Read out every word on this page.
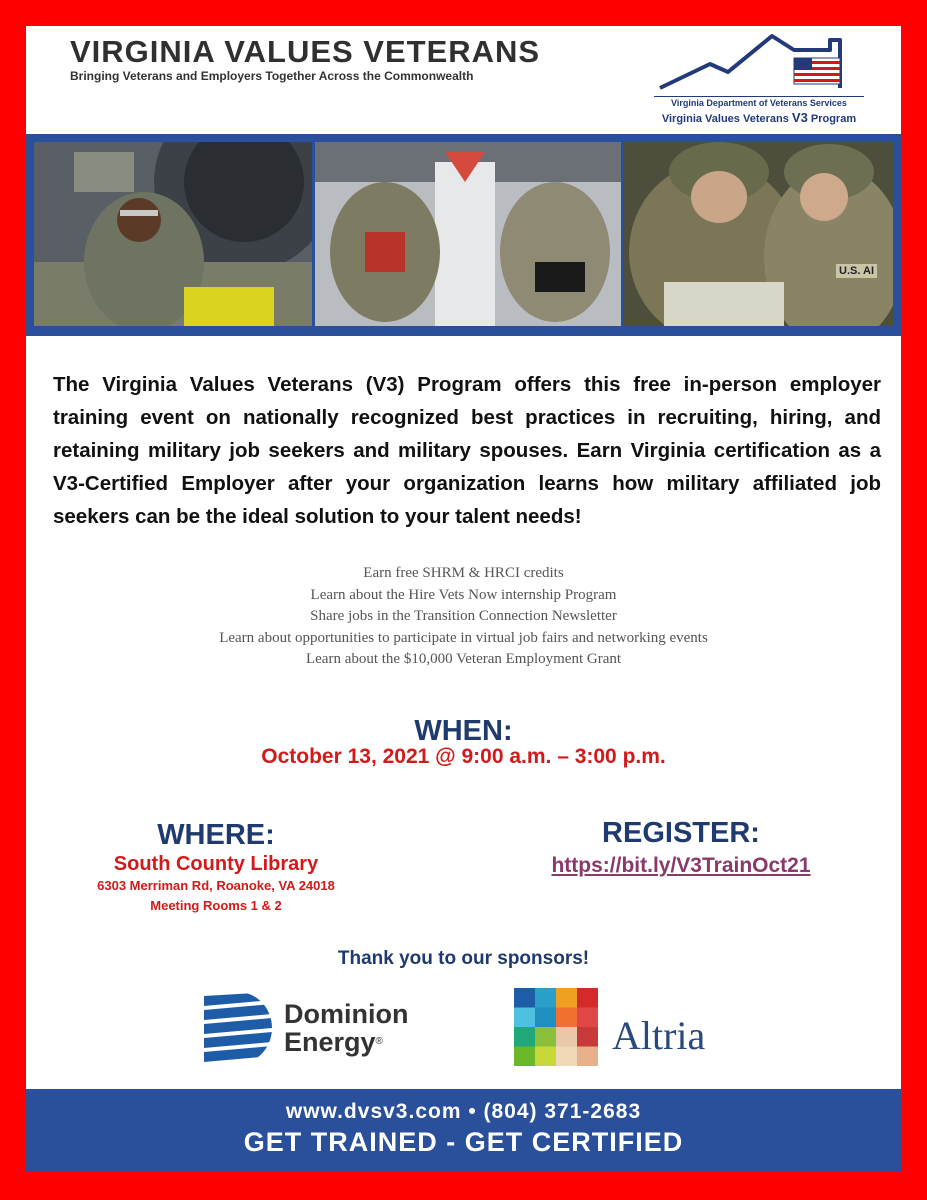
VIRGINIA VALUES VETERANS
Bringing Veterans and Employers Together Across the Commonwealth
Virginia Department of Veterans Services
Virginia Values Veterans V3 Program
U.S. AI
The Virginia Values Veterans (V3) Program offers this free in-person employer training event on nationally recognized best practices in recruiting, hiring, and retaining military job seekers and military spouses. Earn Virginia certification as a V3-Certified Employer after your organization learns how military affiliated job seekers can be the ideal solution to your talent needs!
Earn free SHRM & HRCI credits
Learn about the Hire Vets Now internship Program
Share jobs in the Transition Connection Newsletter
Learn about opportunities to participate in virtual job fairs and networking events
Learn about the $10,000 Veteran Employment Grant
WHEN:
October 13, 2021 @ 9:00 a.m. – 3:00 p.m.
WHERE:
South County Library
6303 Merriman Rd, Roanoke, VA 24018
Meeting Rooms 1 & 2
REGISTER:
https://bit.ly/V3TrainOct21
Thank you to our sponsors!
Dominion
Energy®	Altria
www.dvsv3.com • (804) 371-2683
GET TRAINED - GET CERTIFIED
